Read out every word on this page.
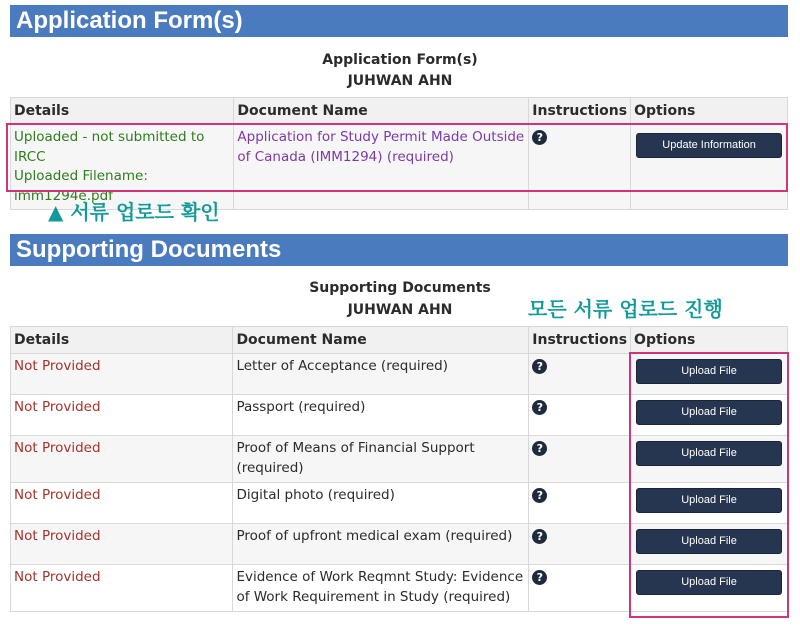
Application Form(s)
Application Form(s)
JUHWAN AHN
Details	Document Name	Instructions	Options

Uploaded - not submitted to IRCC
Uploaded Filename:
imm1294e.pdf	Application for Study Permit Made Outside of Canada (IMM1294) (required)	?	Update Information
▲ 서류 업로드 확인
Supporting Documents
Supporting Documents
JUHWAN AHN	모든 서류 업로드 진행
Details	Document Name	Instructions	Options
Not Provided	Letter of Acceptance (required)	?	Upload File

Not Provided	Passport (required)	?	Upload File

Not Provided	Proof of Means of Financial Support (required)	?	Upload File

Not Provided	Digital photo (required)	?	Upload File

Not Provided	Proof of upfront medical exam (required)	?	Upload File

Not Provided	Evidence of Work Reqmnt Study: Evidence of Work Requirement in Study (required)	?	Upload File
